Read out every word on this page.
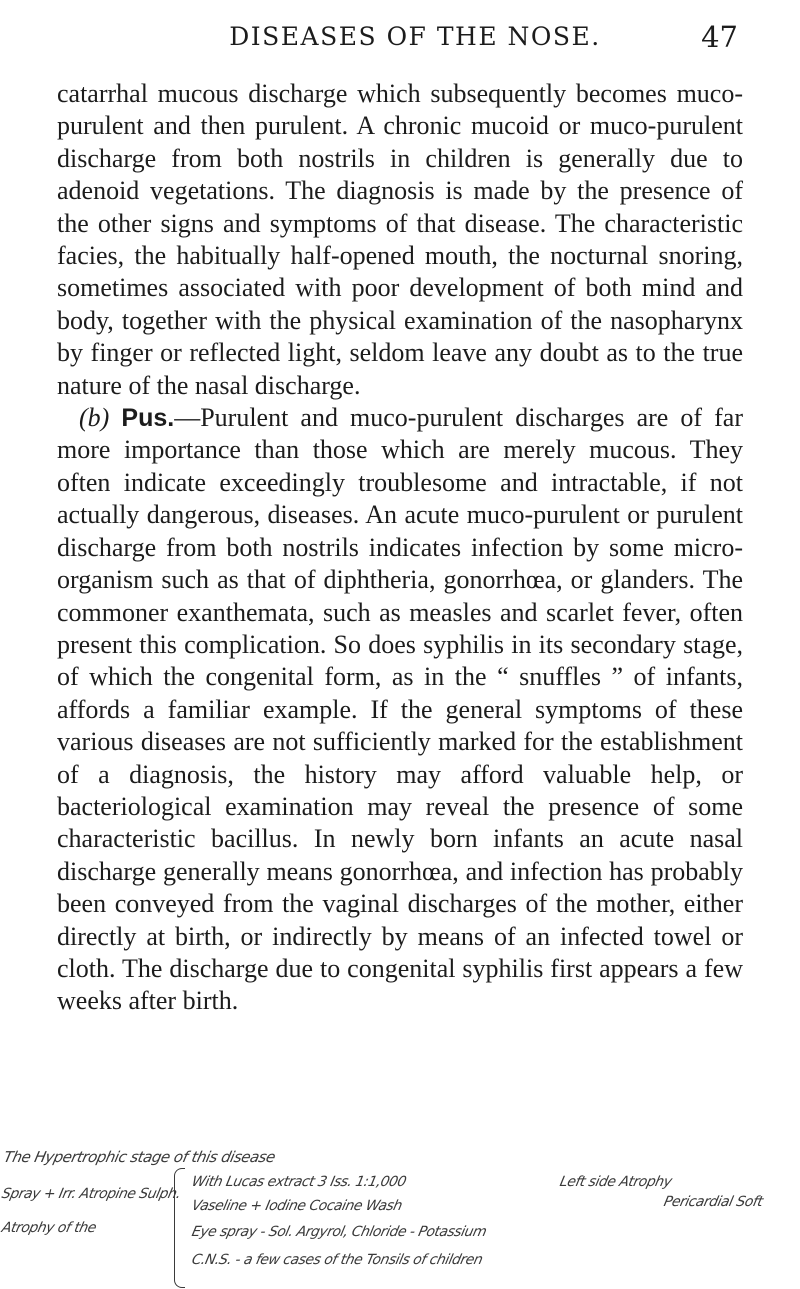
DISEASES OF THE NOSE.	47

catarrhal mucous discharge which subsequently becomes muco-purulent and then purulent. A chronic mucoid or muco-purulent discharge from both nostrils in children is generally due to adenoid vegetations. The diagnosis is made by the presence of the other signs and symptoms of that disease. The characteristic facies, the habitually half-opened mouth, the nocturnal snoring, sometimes associated with poor development of both mind and body, together with the physical examination of the nasopharynx by finger or reflected light, seldom leave any doubt as to the true nature of the nasal discharge.

(b) Pus.—Purulent and muco-purulent discharges are of far more importance than those which are merely mucous. They often indicate exceedingly troublesome and intractable, if not actually dangerous, diseases. An acute muco-purulent or purulent discharge from both nostrils indicates infection by some micro-organism such as that of diphtheria, gonorrhœa, or glanders. The commoner exanthemata, such as measles and scarlet fever, often present this complication. So does syphilis in its secondary stage, of which the congenital form, as in the “ snuffles ” of infants, affords a familiar example. If the general symptoms of these various diseases are not sufficiently marked for the establishment of a diagnosis, the history may afford valuable help, or bacteriological examination may reveal the presence of some characteristic bacillus. In newly born infants an acute nasal discharge generally means gonorrhœa, and infection has probably been conveyed from the vaginal discharges of the mother, either directly at birth, or indirectly by means of an infected towel or cloth. The discharge due to congenital syphilis first appears a few weeks after birth.

The Hypertrophic stage of this disease
Spray + Irr. Atropine Sulph.
Atrophy of the
With Lucas extract 3 Iss. 1:1,000
Vaseline + Iodine Cocaine Wash	Pericardial Soft
Left side Atrophy
Eye spray - Sol. Argyrol, Chloride - Potassium
C.N.S. - a few cases of the Tonsils of children
